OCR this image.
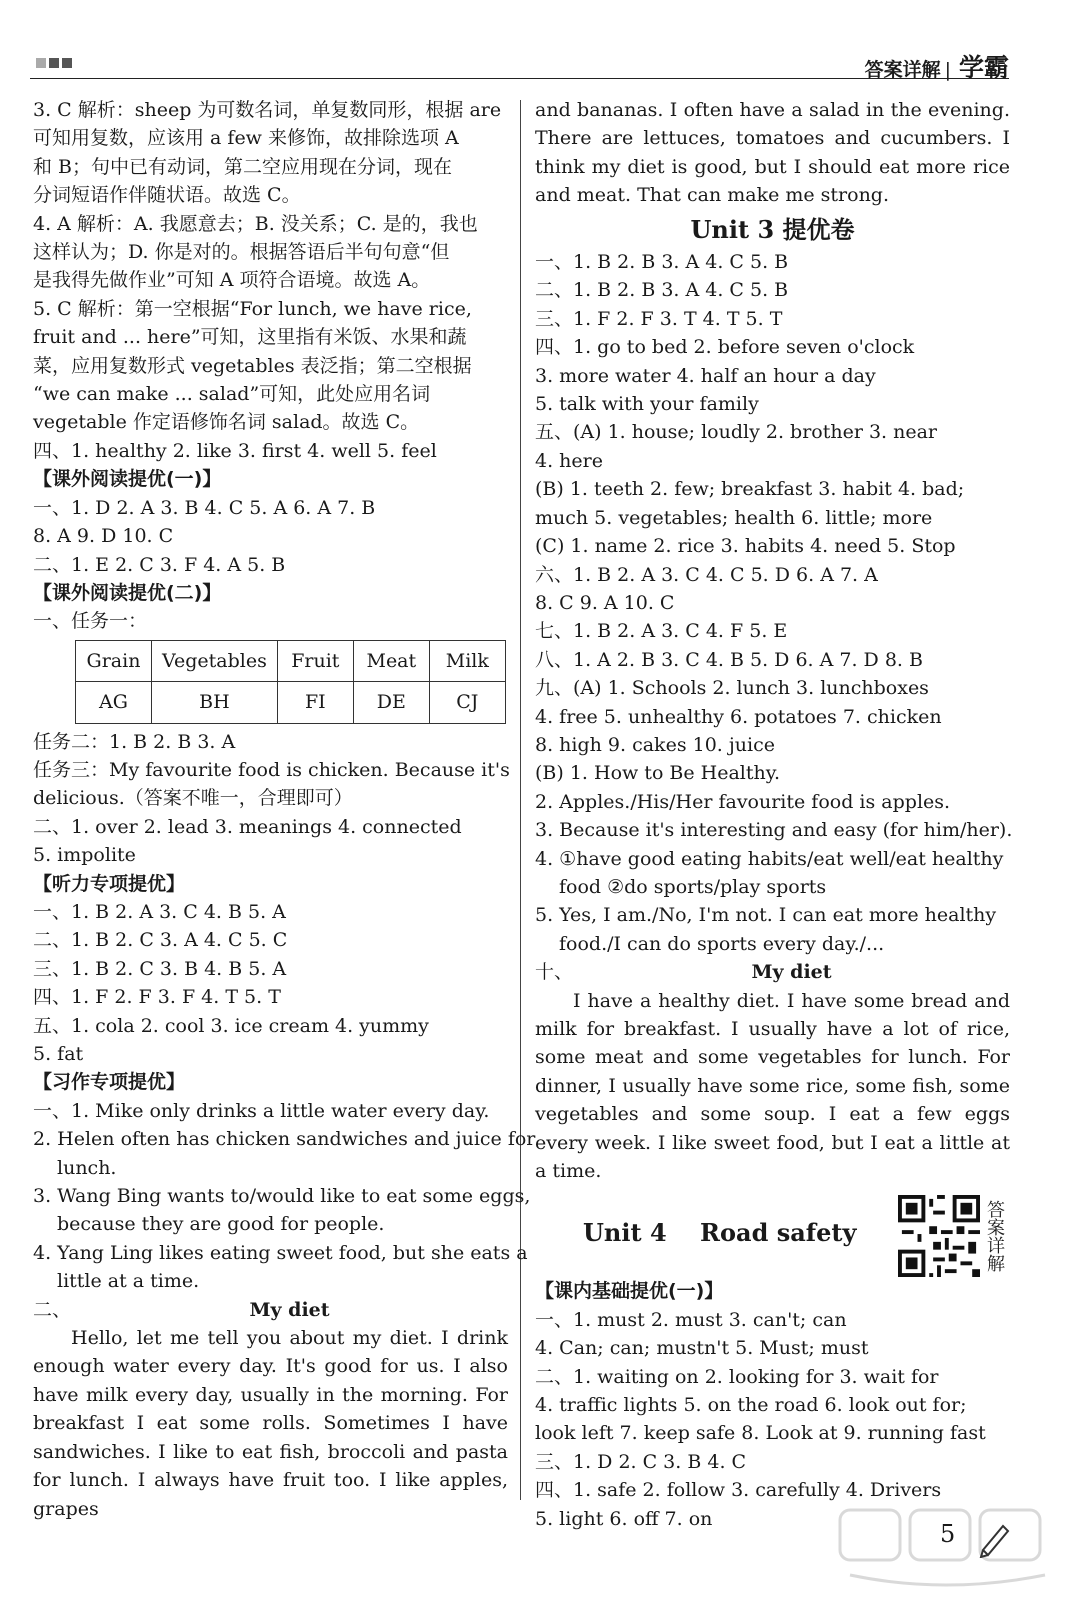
答案详解 | 学霸
3. C 解析：sheep 为可数名词，单复数同形，根据 are
可知用复数，应该用 a few 来修饰，故排除选项 A
和 B；句中已有动词，第二空应用现在分词，现在
分词短语作伴随状语。故选 C。
4. A 解析：A. 我愿意去；B. 没关系；C. 是的，我也
这样认为；D. 你是对的。根据答语后半句句意“但
是我得先做作业”可知 A 项符合语境。故选 A。
5. C 解析：第一空根据“For lunch, we have rice,
fruit and ... here”可知，这里指有米饭、水果和蔬
菜，应用复数形式 vegetables 表泛指；第二空根据
“we can make ... salad”可知，此处应用名词
vegetable 作定语修饰名词 salad。故选 C。
四、1. healthy 2. like 3. first 4. well 5. feel
【课外阅读提优(一)】
一、1. D 2. A 3. B 4. C 5. A 6. A 7. B
8. A 9. D 10. C
二、1. E 2. C 3. F 4. A 5. B
【课外阅读提优(二)】
一、任务一：
Grain	Vegetables	Fruit	Meat	Milk
AG	BH	FI	DE	CJ
任务二：1. B 2. B 3. A
任务三：My favourite food is chicken. Because it's
delicious.（答案不唯一，合理即可）
二、1. over 2. lead 3. meanings 4. connected
5. impolite
【听力专项提优】
一、1. B 2. A 3. C 4. B 5. A
二、1. B 2. C 3. A 4. C 5. C
三、1. B 2. C 3. B 4. B 5. A
四、1. F 2. F 3. F 4. T 5. T
五、1. cola 2. cool 3. ice cream 4. yummy
5. fat
【习作专项提优】
一、1. Mike only drinks a little water every day.
2. Helen often has chicken sandwiches and juice for
lunch.
3. Wang Bing wants to/would like to eat some eggs,
because they are good for people.
4. Yang Ling likes eating sweet food, but she eats a
little at a time.
二、	My diet
Hello, let me tell you about my diet. I drink enough water every day. It's good for us. I also have milk every day, usually in the morning. For breakfast I eat some rolls. Sometimes I have sandwiches. I like to eat fish, broccoli and pasta for lunch. I always have fruit too. I like apples, grapes
and bananas. I often have a salad in the evening. There are lettuces, tomatoes and cucumbers. I think my diet is good, but I should eat more rice and meat. That can make me strong.
Unit 3 提优卷
一、1. B 2. B 3. A 4. C 5. B
二、1. B 2. B 3. A 4. C 5. B
三、1. F 2. F 3. T 4. T 5. T
四、1. go to bed 2. before seven o'clock
3. more water 4. half an hour a day
5. talk with your family
五、(A) 1. house; loudly 2. brother 3. near
4. here
(B) 1. teeth 2. few; breakfast 3. habit 4. bad;
much 5. vegetables; health 6. little; more
(C) 1. name 2. rice 3. habits 4. need 5. Stop
六、1. B 2. A 3. C 4. C 5. D 6. A 7. A
8. C 9. A 10. C
七、1. B 2. A 3. C 4. F 5. E
八、1. A 2. B 3. C 4. B 5. D 6. A 7. D 8. B
九、(A) 1. Schools 2. lunch 3. lunchboxes
4. free 5. unhealthy 6. potatoes 7. chicken
8. high 9. cakes 10. juice
(B) 1. How to Be Healthy.
2. Apples./His/Her favourite food is apples.
3. Because it's interesting and easy (for him/her).
4. ①have good eating habits/eat well/eat healthy
food ②do sports/play sports
5. Yes, I am./No, I'm not. I can eat more healthy
food./I can do sports every day./...
十、	My diet
I have a healthy diet. I have some bread and milk for breakfast. I usually have a lot of rice, some meat and some vegetables for lunch. For dinner, I usually have some rice, some fish, some vegetables and some soup. I eat a few eggs every week. I like sweet food, but I eat a little at a time.
Unit 4    Road safety	答案详解
【课内基础提优(一)】
一、1. must 2. must 3. can't; can
4. Can; can; mustn't 5. Must; must
二、1. waiting on 2. looking for 3. wait for
4. traffic lights 5. on the road 6. look out for;
look left 7. keep safe 8. Look at 9. running fast
三、1. D 2. C 3. B 4. C
四、1. safe 2. follow 3. carefully 4. Drivers
5. light 6. off 7. on
5
